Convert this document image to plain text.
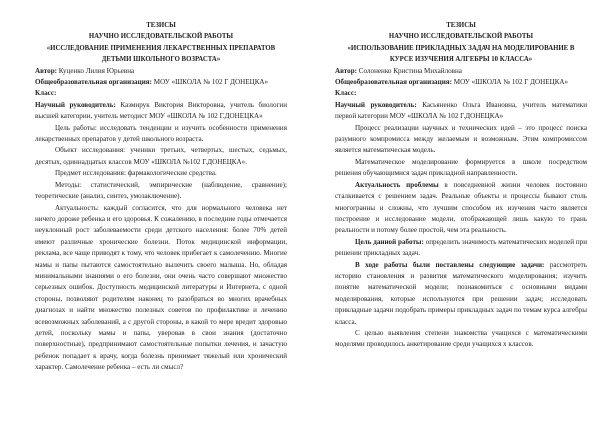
ТЕЗИСЫ
НАУЧНО ИССЛЕДОВАТЕЛЬСКОЙ РАБОТЫ
«ИССЛЕДОВАНИЕ ПРИМЕНЕНИЯ ЛЕКАРСТВЕННЫХ ПРЕПАРАТОВ
ДЕТЬМИ ШКОЛЬНОГО ВОЗРАСТА»

Автор: Куценко Лилия Юрьевна

Общеобразовательная организация: МОУ «ШКОЛА № 102 Г ДОНЕЦКА»

Класс:

Научный руководитель: Казмирук Виктория Викторовна, учитель биологии высшей категории, учитель методист МОУ «ШКОЛА № 102 Г.ДОНЕЦКА»

Цель работы: исследовать тенденции и изучить особенности применения лекарственных препаратов у детей школьного возраста.

Объект исследования: ученики третьих, четвертых, шестых, седьмых, десятых, одиннадцатых классов МОУ «ШКОЛА №102 Г.ДОНЕЦКА».

Предмет исследования: фармакологические средства.

Методы: статистический, эмпирические (наблюдение, сравнение); теоретические (анализ, синтез, умозаключение).

Актуальность: каждый согласится, что для нормального человека нет ничего дороже ребенка и его здоровья. К сожалению, в последние годы отмечается неуклонный рост заболеваемости среди детского населения: более 70% детей имеют различные хронические болезни. Поток медицинской информации, реклама, все чаще приводят к тому, что человек прибегает к самолечению. Многие мамы и папы пытаются самостоятельно вылечить своего малыша. Но, обладая минимальными знаниями о его болезни, они очень часто совершают множество серьезных ошибок. Доступность медицинской литературы и Интернета, с одной стороны, позволяют родителям наконец то разобраться во многих врачебных диагнозах и найти множество полезных советов по профилактике и лечению всевозможных заболеваний, а с другой стороны, в какой то мере вредит здоровью детей, поскольку мамы и папы, уверовав в свои знания (достаточно поверхностные), предпринимают самостоятельные попытки лечения, и зачастую ребенок попадает к врачу, когда болезнь принимает тяжелый или хронический характер. Самолечение ребенка – есть ли смысл?

ТЕЗИСЫ
НАУЧНО ИССЛЕДОВАТЕЛЬСКОЙ РАБОТЫ
«ИСПОЛЬЗОВАНИЕ ПРИКЛАДНЫХ ЗАДАЧ НА МОДЕЛИРОВАНИЕ В
КУРСЕ ИЗУЧЕНИЯ АЛГЕБРЫ 10 КЛАССА»

Автор: Солоненко Кристина Михайловна

Общеобразовательная организация: МОУ «ШКОЛА № 102 Г ДОНЕЦКА»

Класс:

Научный руководитель: Касьяненко Ольга Ивановна, учитель математики первой категории МОУ «ШКОЛА № 102 Г.ДОНЕЦКА»

Процесс реализации научных и технических идей – это процесс поиска разумного компромисса между желаемым и возможным. Этим компромиссом является математическая модель.

Математическое моделирование формируется в школе посредством решения обучающимися задач прикладной направленности.

Актуальность проблемы в повседневной жизни человек постоянно сталкивается с решением задач. Реальные объекты и процессы бывают столь многогранны и сложны, что лучшим способом их изучения часто является построение и исследование модели, отображающей лишь какую то грань реальности и потому более простой, чем эта реальность.

Цель данной работы: определить значимость математических моделей при решении прикладных задач.

В ходе работы были поставлены следующие задачи: рассмотреть историю становления и развития математического моделирования; изучить понятие математической модели; познакомиться с основными видами моделирования, которые используются при решении задач; исследовать прикладные задачи подобрать примеры прикладных задач по темам курса алгебры класса.

С целью выявления степени знакомства учащихся с математическими моделями проводилось анкетирование среди учащихся х классов.
